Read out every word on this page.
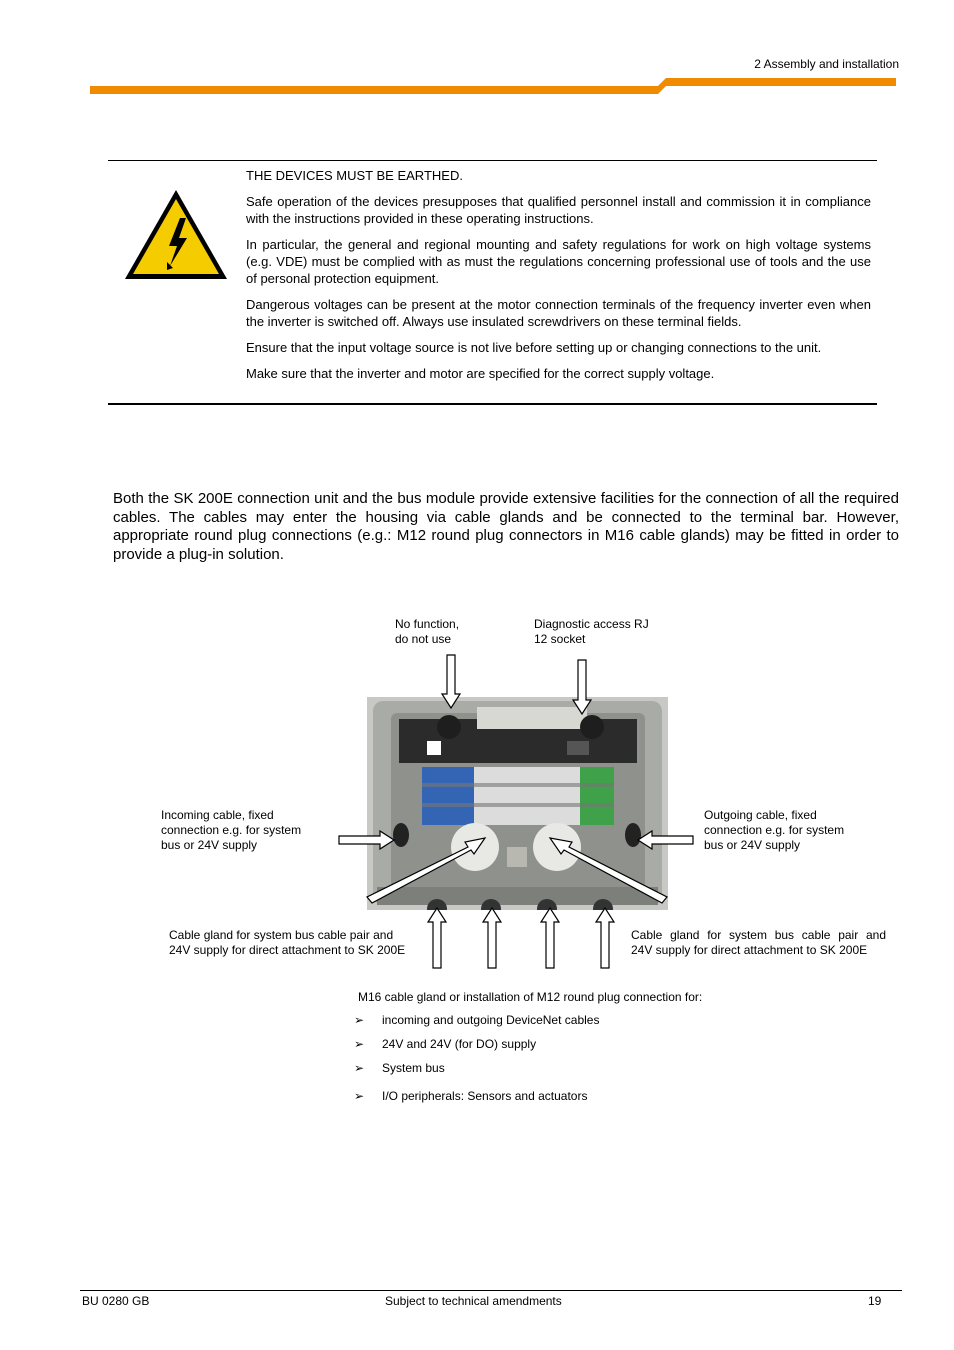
2 Assembly and installation

THE DEVICES MUST BE EARTHED.

Safe operation of the devices presupposes that qualified personnel install and commission it in compliance with the instructions provided in these operating instructions.

In particular, the general and regional mounting and safety regulations for work on high voltage systems (e.g. VDE) must be complied with as must the regulations concerning professional use of tools and the use of personal protection equipment.

Dangerous voltages can be present at the motor connection terminals of the frequency inverter even when the inverter is switched off. Always use insulated screwdrivers on these terminal fields.

Ensure that the input voltage source is not live before setting up or changing connections to the unit.

Make sure that the inverter and motor are specified for the correct supply voltage.

Both the SK 200E connection unit and the bus module provide extensive facilities for the connection of all the required cables. The cables may enter the housing via cable glands and be connected to the terminal bar. However, appropriate round plug connections (e.g.: M12 round plug connectors in M16 cable glands) may be fitted in order to provide a plug-in solution.

No function,
do not use
Diagnostic access RJ
12 socket
Incoming cable, fixed
connection e.g. for system
bus or 24V supply
Outgoing cable, fixed
connection e.g. for system
bus or 24V supply
Cable gland for system bus cable pair and
24V supply for direct attachment to SK 200E
Cable gland for system bus cable pair and
24V supply for direct attachment to SK 200E
M16 cable gland or installation of M12 round plug connection for:
➢ incoming and outgoing DeviceNet cables
➢ 24V and 24V (for DO) supply
➢ System bus
➢ I/O peripherals: Sensors and actuators
BU 0280 GB	Subject to technical amendments	19
